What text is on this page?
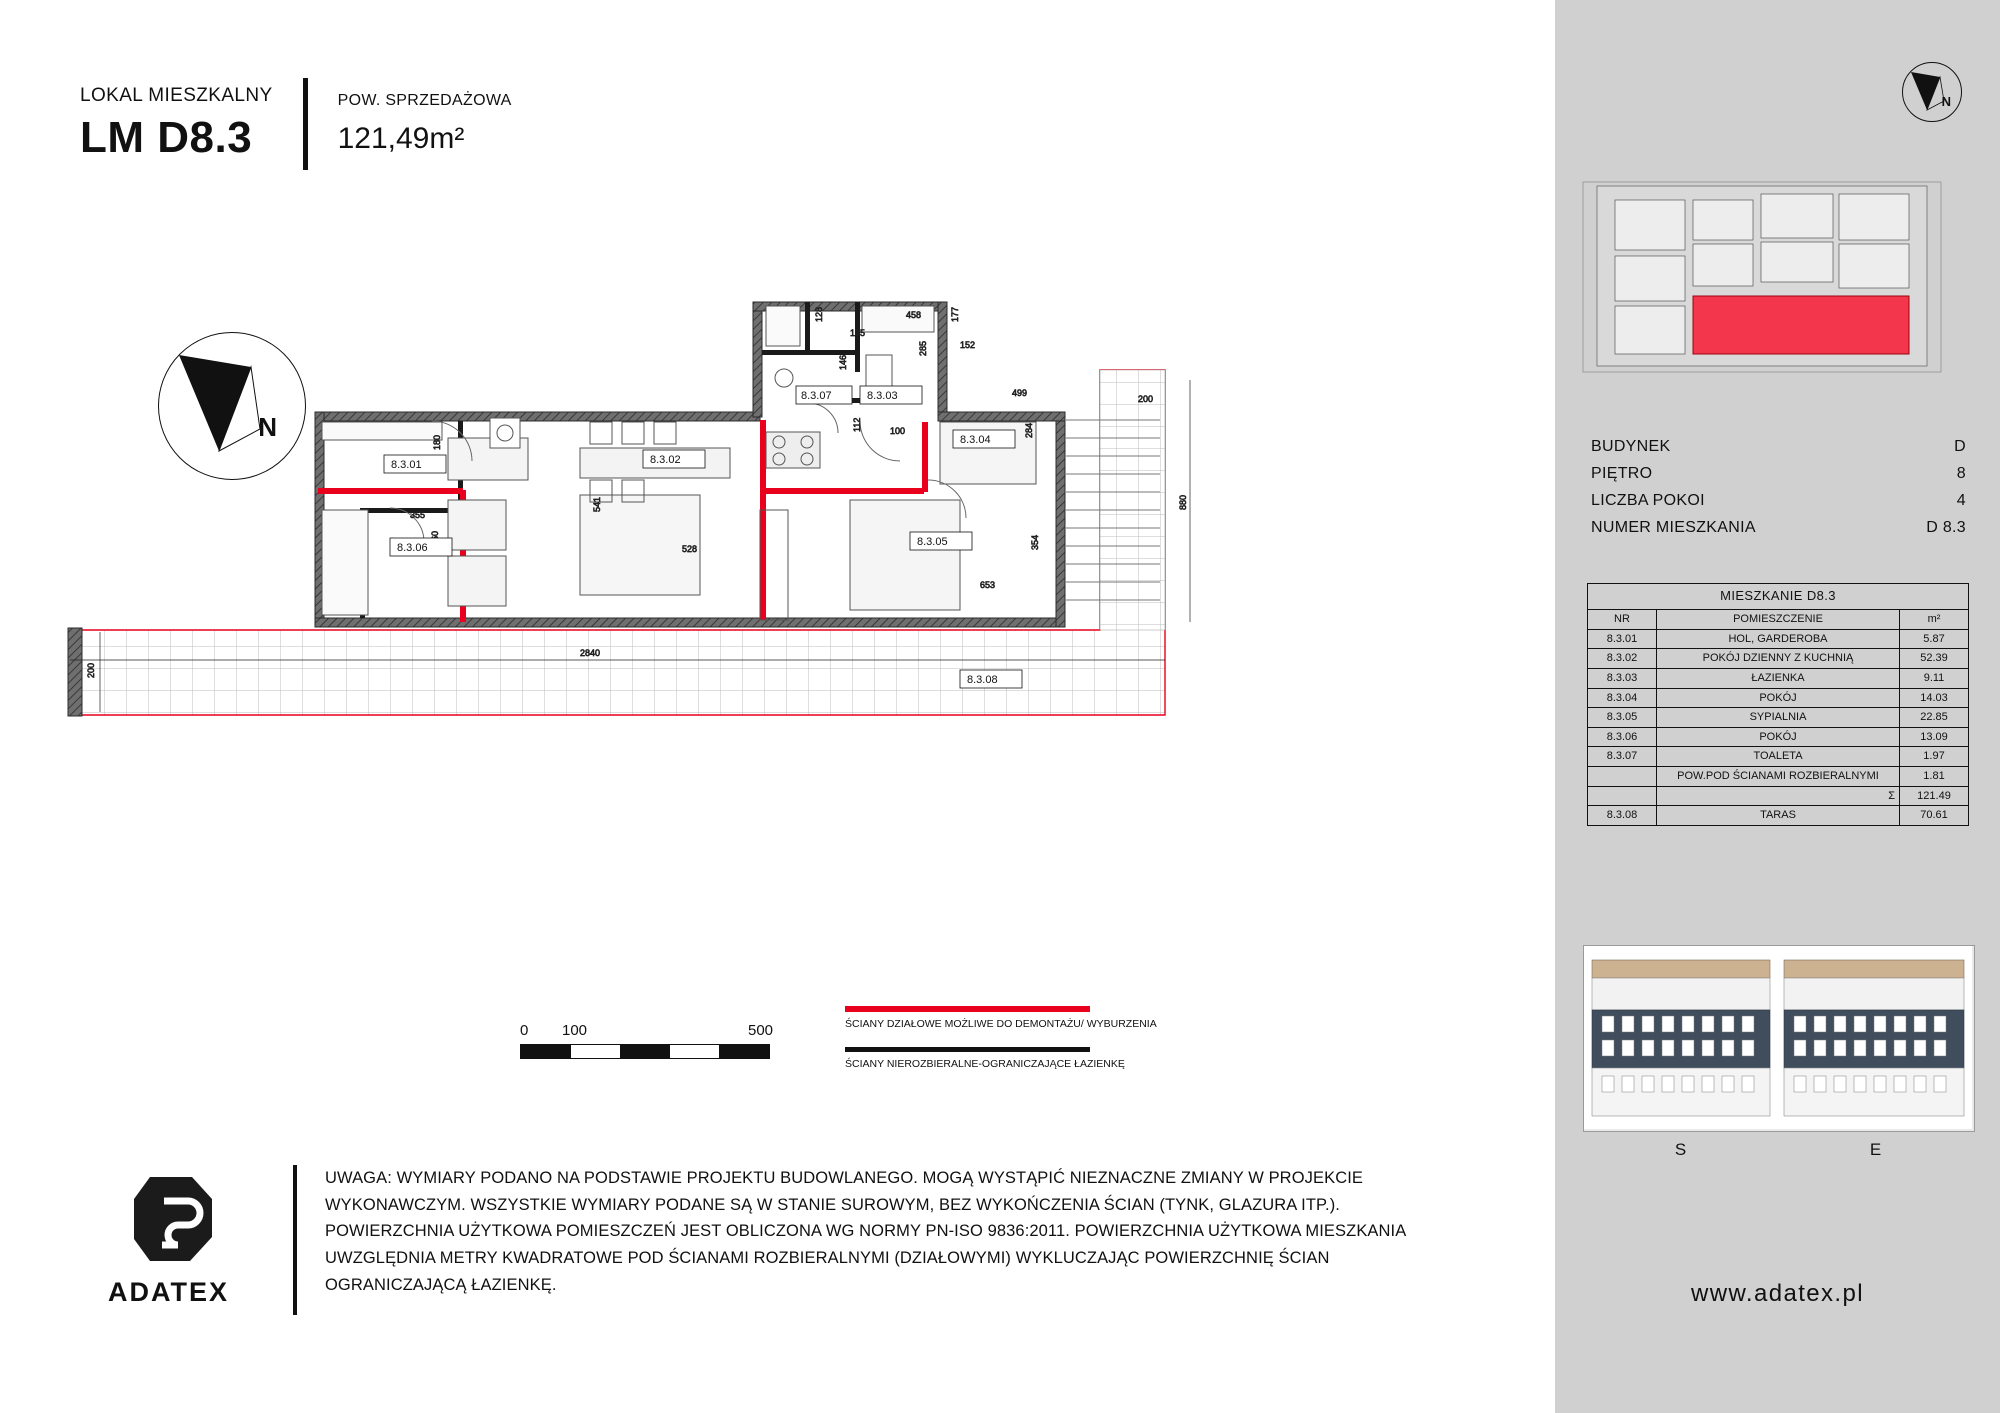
LOKAL MIESZKALNY
LM D8.3
POW. SPRZEDAŻOWA
121,49m²
N
2840
200
880
200
458
128	177
285	152
135
146
112	100
499
284
180
355
541
528	354
653
8.3.01	8.3.02
8.3.03
8.3.04
8.3.05
8.3.06
8.3.07
8.3.08
0 100	500	ŚCIANY DZIAŁOWE MOŻLIWE DO DEMONTAŻU/ WYBURZENIA
ŚCIANY NIEROZBIERALNE-OGRANICZAJĄCE ŁAZIENKĘ
ADATEX
UWAGA: WYMIARY PODANO NA PODSTAWIE PROJEKTU BUDOWLANEGO. MOGĄ WYSTĄPIĆ NIEZNACZNE ZMIANY W PROJEKCIE WYKONAWCZYM. WSZYSTKIE WYMIARY PODANE SĄ W STANIE SUROWYM, BEZ WYKOŃCZENIA ŚCIAN (TYNK, GLAZURA ITP.). POWIERZCHNIA UŻYTKOWA POMIESZCZEŃ JEST OBLICZONA WG NORMY PN-ISO 9836:2011. POWIERZCHNIA UŻYTKOWA MIESZKANIA UWZGLĘDNIA METRY KWADRATOWE POD ŚCIANAMI ROZBIERALNYMI (DZIAŁOWYMI) WYKLUCZAJĄC POWIERZCHNIĘ ŚCIAN OGRANICZAJĄCĄ ŁAZIENKĘ.
N
BUDYNEK	D
PIĘTRO	8
LICZBA POKOI	4
NUMER MIESZKANIA	D 8.3
MIESZKANIE D8.3		
NR	POMIESZCZENIE	m²
8.3.01	HOL, GARDEROBA	5.87
8.3.02	POKÓJ DZIENNY Z KUCHNIĄ	52.39
8.3.03	ŁAZIENKA	9.11
8.3.04	POKÓJ	14.03
8.3.05	SYPIALNIA	22.85
8.3.06	POKÓJ	13.09
8.3.07	TOALETA	1.97
	POW.POD ŚCIANAMI ROZBIERALNYMI	1.81
	Σ	121.49
8.3.08	TARAS	70.61
S	E
www.adatex.pl
